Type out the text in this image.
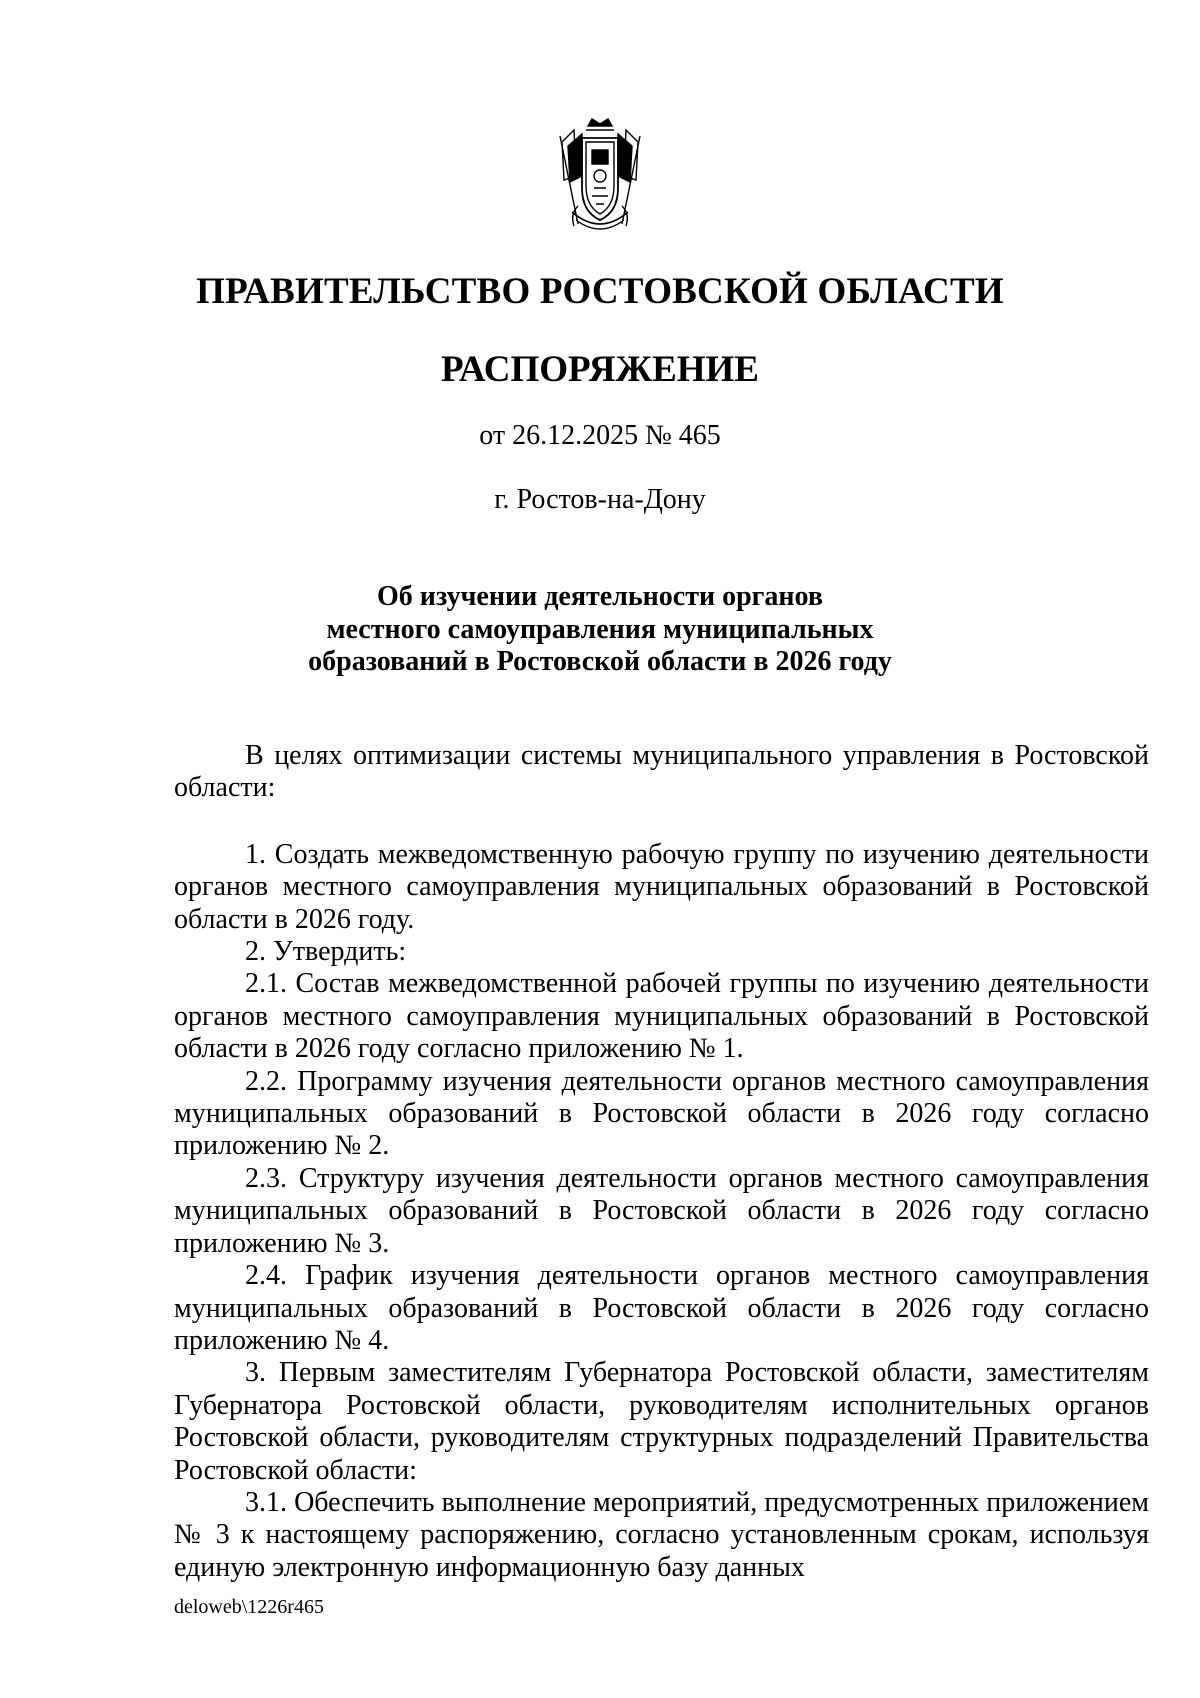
ПРАВИТЕЛЬСТВО РОСТОВСКОЙ ОБЛАСТИ
РАСПОРЯЖЕНИЕ
от 26.12.2025 № 465
г. Ростов-на-Дону
Об изучении деятельности органов
местного самоуправления муниципальных
образований в Ростовской области в 2026 году

В целях оптимизации системы муниципального управления в Ростовской области:

1. Создать межведомственную рабочую группу по изучению деятельности органов местного самоуправления муниципальных образований в Ростовской области в 2026 году.

2. Утвердить:

2.1. Состав межведомственной рабочей группы по изучению деятельности органов местного самоуправления муниципальных образований в Ростовской области в 2026 году согласно приложению № 1.

2.2. Программу изучения деятельности органов местного самоуправления муниципальных образований в Ростовской области в 2026 году согласно приложению № 2.

2.3. Структуру изучения деятельности органов местного самоуправления муниципальных образований в Ростовской области в 2026 году согласно приложению № 3.

2.4. График изучения деятельности органов местного самоуправления муниципальных образований в Ростовской области в 2026 году согласно приложению № 4.

3. Первым заместителям Губернатора Ростовской области, заместителям Губернатора Ростовской области, руководителям исполнительных органов Ростовской области, руководителям структурных подразделений Правительства Ростовской области:

3.1. Обеспечить выполнение мероприятий, предусмотренных приложением № 3 к настоящему распоряжению, согласно установленным срокам, используя единую электронную информационную базу данных

deloweb\1226r465
